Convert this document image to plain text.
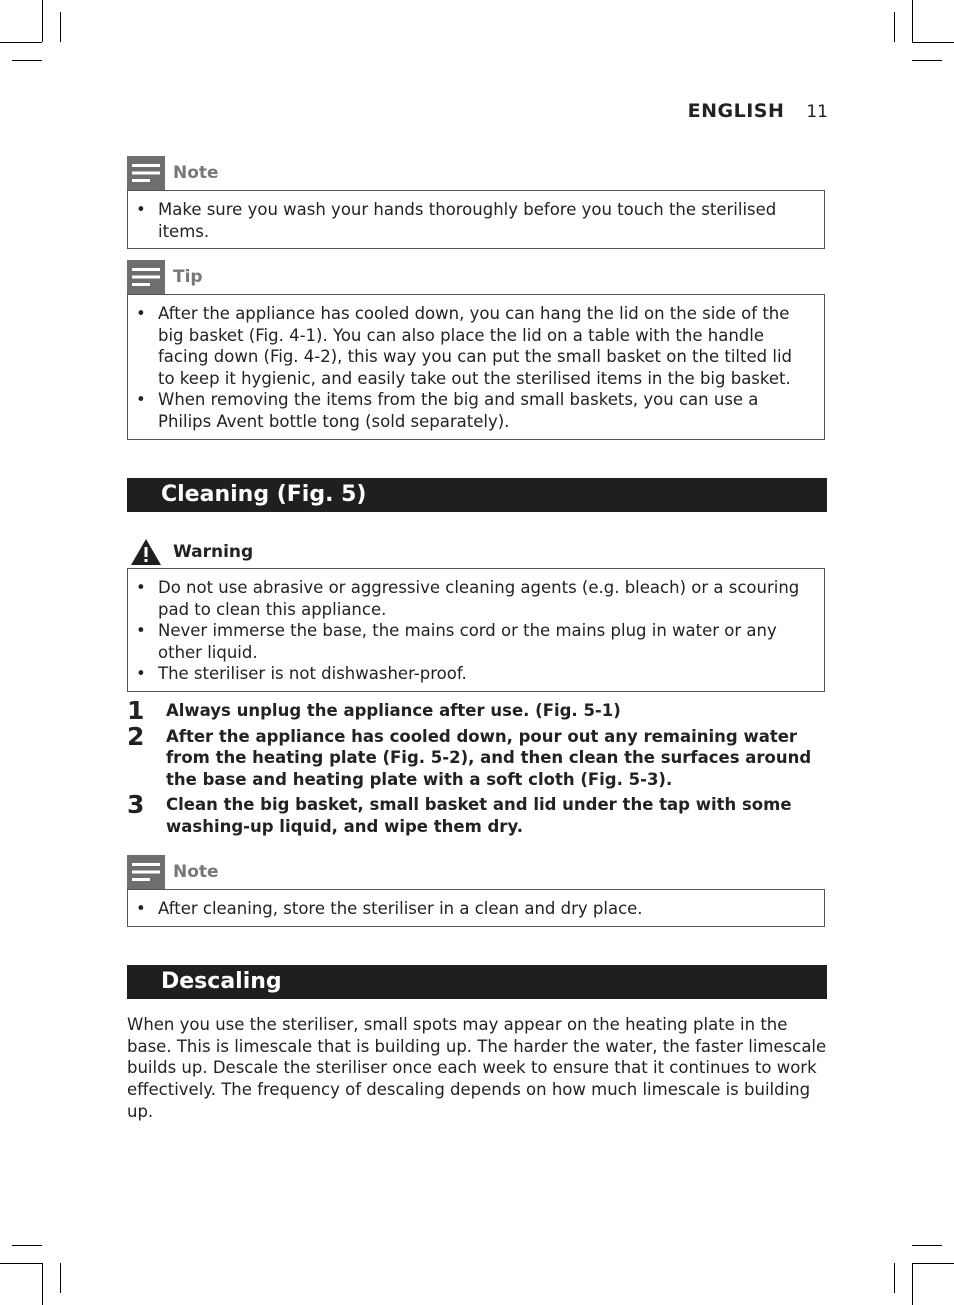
ENGLISH 11
Note
• Make sure you wash your hands thoroughly before you touch the sterilised items.
Tip
• After the appliance has cooled down, you can hang the lid on the side of the big basket (Fig. 4-1). You can also place the lid on a table with the handle facing down (Fig. 4-2), this way you can put the small basket on the tilted lid to keep it hygienic, and easily take out the sterilised items in the big basket.
• When removing the items from the big and small baskets, you can use a Philips Avent bottle tong (sold separately).
Cleaning (Fig. 5)
Warning
• Do not use abrasive or aggressive cleaning agents (e.g. bleach) or a scouring pad to clean this appliance.
• Never immerse the base, the mains cord or the mains plug in water or any other liquid.
• The steriliser is not dishwasher-proof.
1 Always unplug the appliance after use. (Fig. 5-1)
2 After the appliance has cooled down, pour out any remaining water from the heating plate (Fig. 5-2), and then clean the surfaces around the base and heating plate with a soft cloth (Fig. 5-3).
3 Clean the big basket, small basket and lid under the tap with some washing-up liquid, and wipe them dry.
Note
• After cleaning, store the steriliser in a clean and dry place.
Descaling
When you use the steriliser, small spots may appear on the heating plate in the base. This is limescale that is building up. The harder the water, the faster limescale builds up. Descale the steriliser once each week to ensure that it continues to work effectively. The frequency of descaling depends on how much limescale is building up.
